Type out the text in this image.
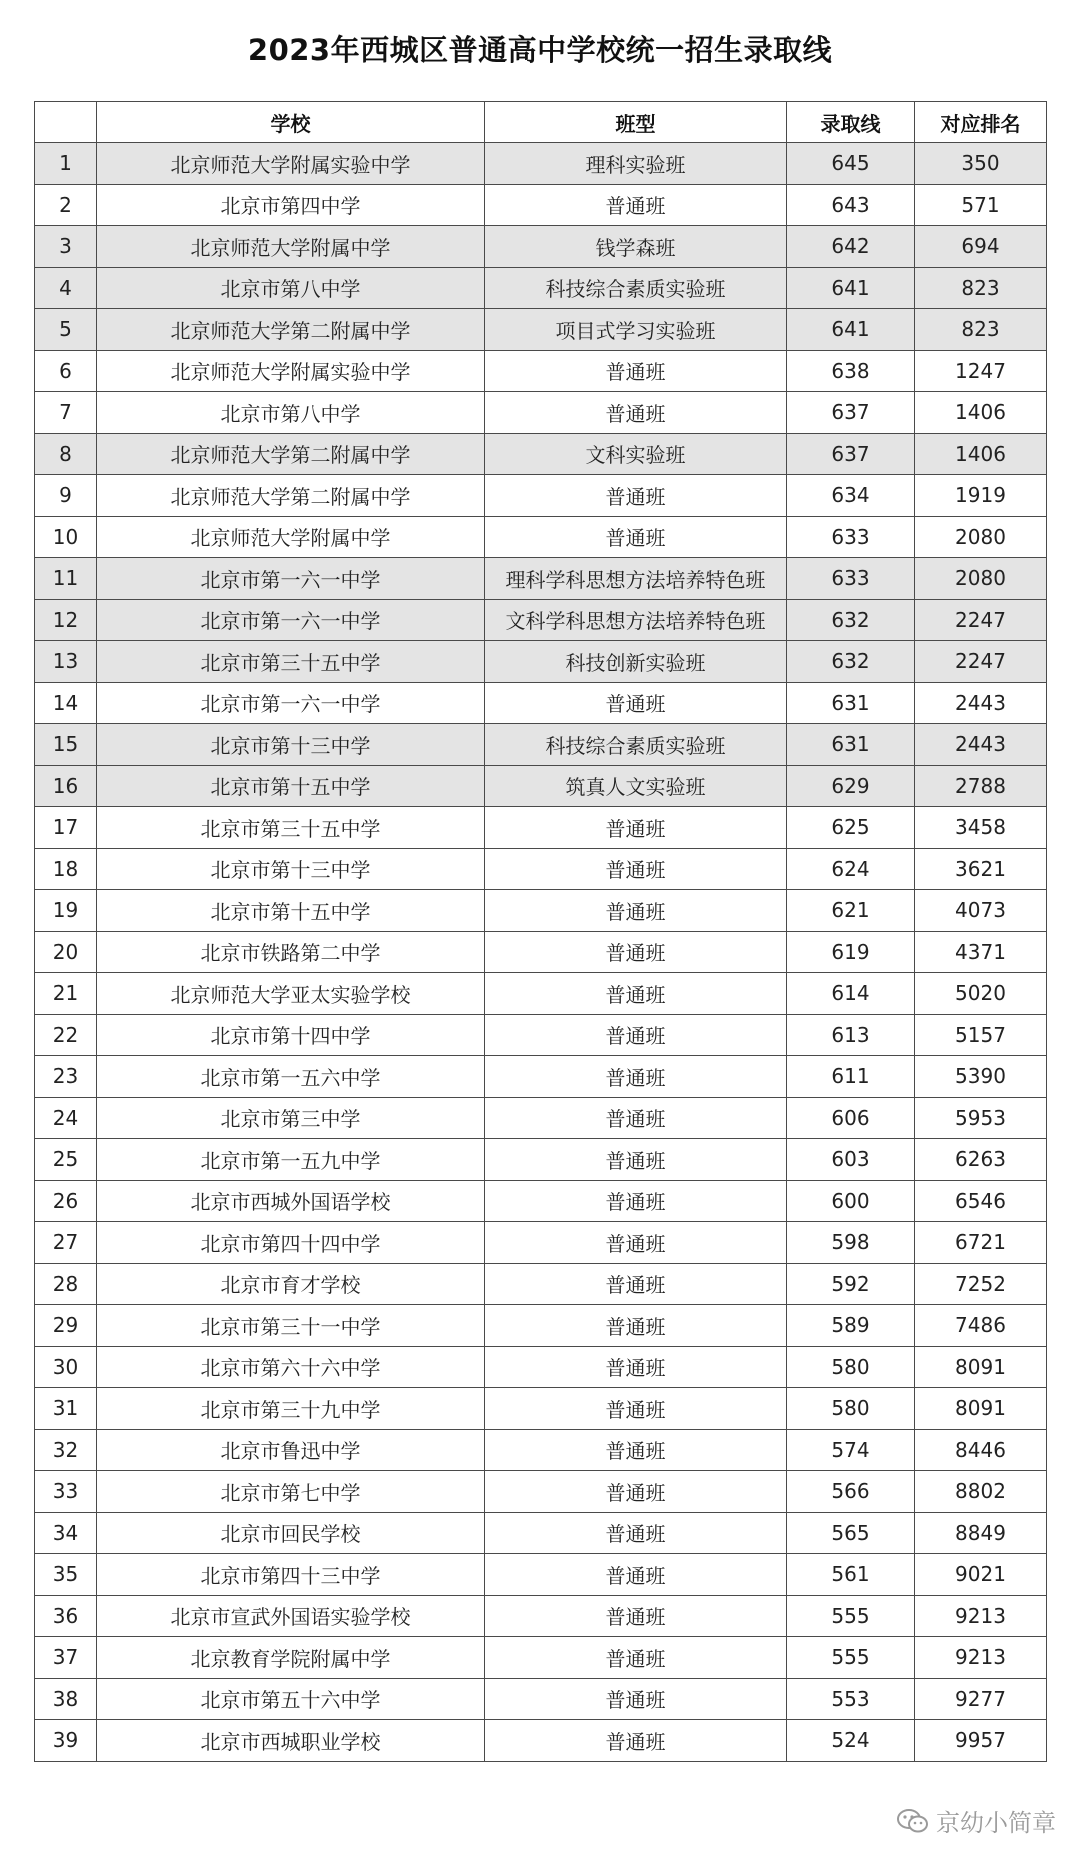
2023年西城区普通高中学校统一招生录取线
	学校	班型	录取线	对应排名
1	北京师范大学附属实验中学	理科实验班	645	350
2	北京市第四中学	普通班	643	571
3	北京师范大学附属中学	钱学森班	642	694
4	北京市第八中学	科技综合素质实验班	641	823
5	北京师范大学第二附属中学	项目式学习实验班	641	823
6	北京师范大学附属实验中学	普通班	638	1247
7	北京市第八中学	普通班	637	1406
8	北京师范大学第二附属中学	文科实验班	637	1406
9	北京师范大学第二附属中学	普通班	634	1919
10	北京师范大学附属中学	普通班	633	2080
11	北京市第一六一中学	理科学科思想方法培养特色班	633	2080
12	北京市第一六一中学	文科学科思想方法培养特色班	632	2247
13	北京市第三十五中学	科技创新实验班	632	2247
14	北京市第一六一中学	普通班	631	2443
15	北京市第十三中学	科技综合素质实验班	631	2443
16	北京市第十五中学	筑真人文实验班	629	2788
17	北京市第三十五中学	普通班	625	3458
18	北京市第十三中学	普通班	624	3621
19	北京市第十五中学	普通班	621	4073
20	北京市铁路第二中学	普通班	619	4371
21	北京师范大学亚太实验学校	普通班	614	5020
22	北京市第十四中学	普通班	613	5157
23	北京市第一五六中学	普通班	611	5390
24	北京市第三中学	普通班	606	5953
25	北京市第一五九中学	普通班	603	6263
26	北京市西城外国语学校	普通班	600	6546
27	北京市第四十四中学	普通班	598	6721
28	北京市育才学校	普通班	592	7252
29	北京市第三十一中学	普通班	589	7486
30	北京市第六十六中学	普通班	580	8091
31	北京市第三十九中学	普通班	580	8091
32	北京市鲁迅中学	普通班	574	8446
33	北京市第七中学	普通班	566	8802
34	北京市回民学校	普通班	565	8849
35	北京市第四十三中学	普通班	561	9021
36	北京市宣武外国语实验学校	普通班	555	9213
37	北京教育学院附属中学	普通班	555	9213
38	北京市第五十六中学	普通班	553	9277
39	北京市西城职业学校	普通班	524	9957
京幼小简章
